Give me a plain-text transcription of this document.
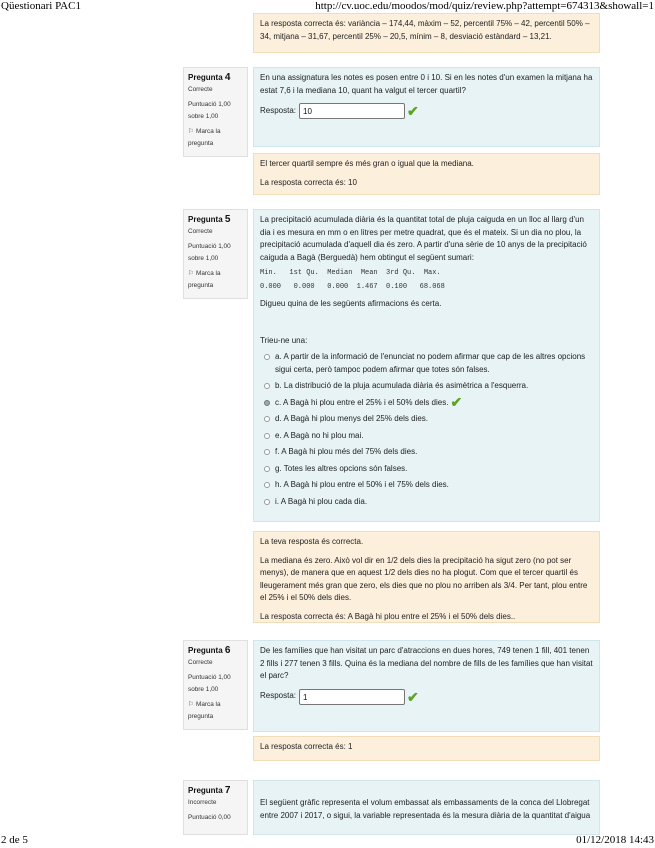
Qüestionari PAC1	http://cv.uoc.edu/moodos/mod/quiz/review.php?attempt=674313&showall=1

La resposta correcta és: variància – 174,44, màxim – 52, percentil 75% – 42, percentil 50% – 34, mitjana – 31,67, percentil 25% – 20,5, mínim – 8, desviació estàndard – 13,21.

Pregunta 4
Correcte
Puntuació 1,00 sobre 1,00
⚐ Marca la pregunta

En una assignatura les notes es posen entre 0 i 10. Si en les notes d'un examen la mitjana ha estat 7,6 i la mediana 10, quant ha valgut el tercer quartil?

Resposta: 10	✔

El tercer quartil sempre és més gran o igual que la mediana.

La resposta correcta és: 10

Pregunta 5
Correcte
Puntuació 1,00 sobre 1,00
⚐ Marca la pregunta

La precipitació acumulada diària és la quantitat total de pluja caiguda en un lloc al llarg d'un dia i es mesura en mm o en litres per metre quadrat, que és el mateix. Si un dia no plou, la precipitació acumulada d'aquell dia és zero. A partir d'una sèrie de 10 anys de la precipitació caiguda a Bagà (Berguedà) hem obtingut el següent sumari:

Min.   1st Qu.  Median  Mean  3rd Qu.  Max.
0.000   0.000   0.000  1.467  0.100   68.068

Digueu quina de les següents afirmacions és certa.

Trieu-ne una:

a. A partir de la informació de l'enunciat no podem afirmar que cap de les altres opcions sigui certa, però tampoc podem afirmar que totes són falses.
b. La distribució de la pluja acumulada diària és asimètrica a l'esquerra.
c. A Bagà hi plou entre el 25% i el 50% dels dies. ✔
d. A Bagà hi plou menys del 25% dels dies.
e. A Bagà no hi plou mai.
f. A Bagà hi plou més del 75% dels dies.
g. Totes les altres opcions són falses.
h. A Bagà hi plou entre el 50% i el 75% dels dies.
i. A Bagà hi plou cada dia.

La teva resposta és correcta.

La mediana és zero. Això vol dir en 1/2 dels dies la precipitació ha sigut zero (no pot ser menys), de manera que en aquest 1/2 dels dies no ha plogut. Com que el tercer quartil és lleugerament més gran que zero, els dies que no plou no arriben als 3/4. Per tant, plou entre el 25% i el 50% dels dies.

La resposta correcta és: A Bagà hi plou entre el 25% i el 50% dels dies..

Pregunta 6
Correcte
Puntuació 1,00 sobre 1,00
⚐ Marca la pregunta

De les famílies que han visitat un parc d'atraccions en dues hores, 749 tenen 1 fill, 401 tenen 2 fills i 277 tenen 3 fills. Quina és la mediana del nombre de fills de les famílies que han visitat el parc?

Resposta: 1	✔

La resposta correcta és: 1

Pregunta 7
Incorrecte
Puntuació 0,00

El següent gràfic representa el volum embassat als embassaments de la conca del Llobregat entre 2007 i 2017, o sigui, la variable representada és la mesura diària de la quantitat d'aigua

2 de 5	01/12/2018 14:43
